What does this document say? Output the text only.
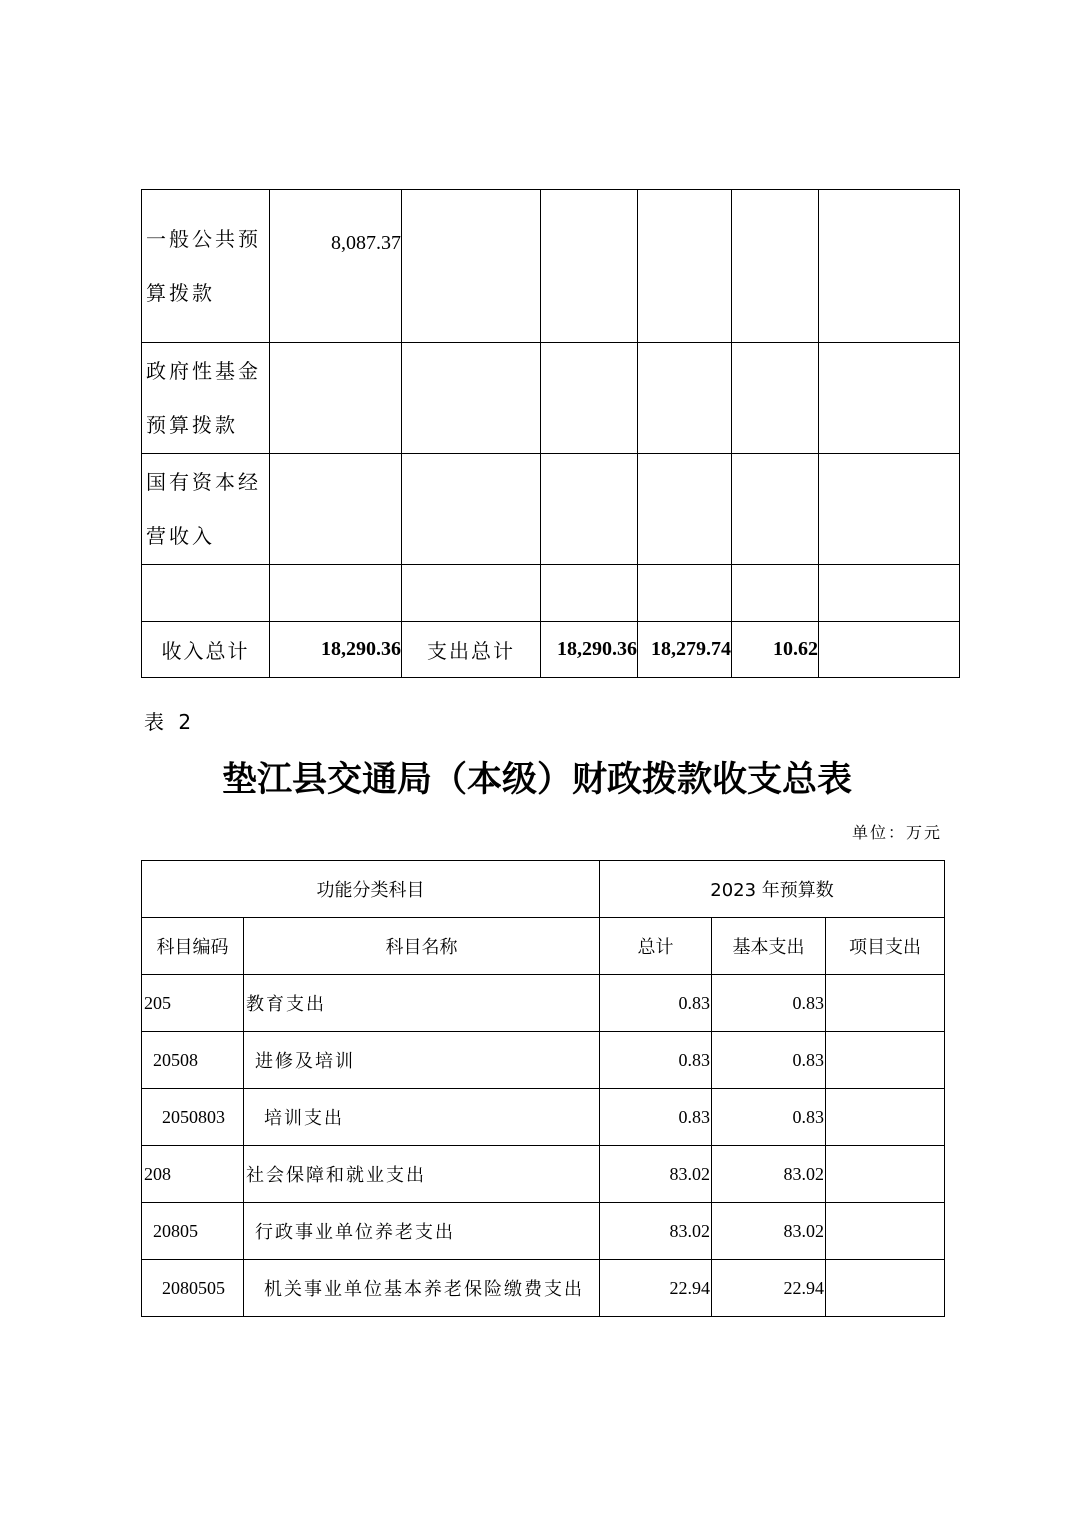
一般公共预算拨款	8,087.37					
政府性基金预算拨款						
国有资本经营收入						

收入总计	18,290.36	支出总计	18,290.36	18,279.74	10.62	
表 2
垫江县交通局（本级）财政拨款收支总表
单位：万元
功能分类科目		2023 年预算数		
科目编码	科目名称	总计	基本支出	项目支出
205	教育支出	0.83	0.83	
20508	进修及培训	0.83	0.83	
2050803	培训支出	0.83	0.83	
208	社会保障和就业支出	83.02	83.02	
20805	行政事业单位养老支出	83.02	83.02	
2080505	机关事业单位基本养老保险缴费支出	22.94	22.94	
